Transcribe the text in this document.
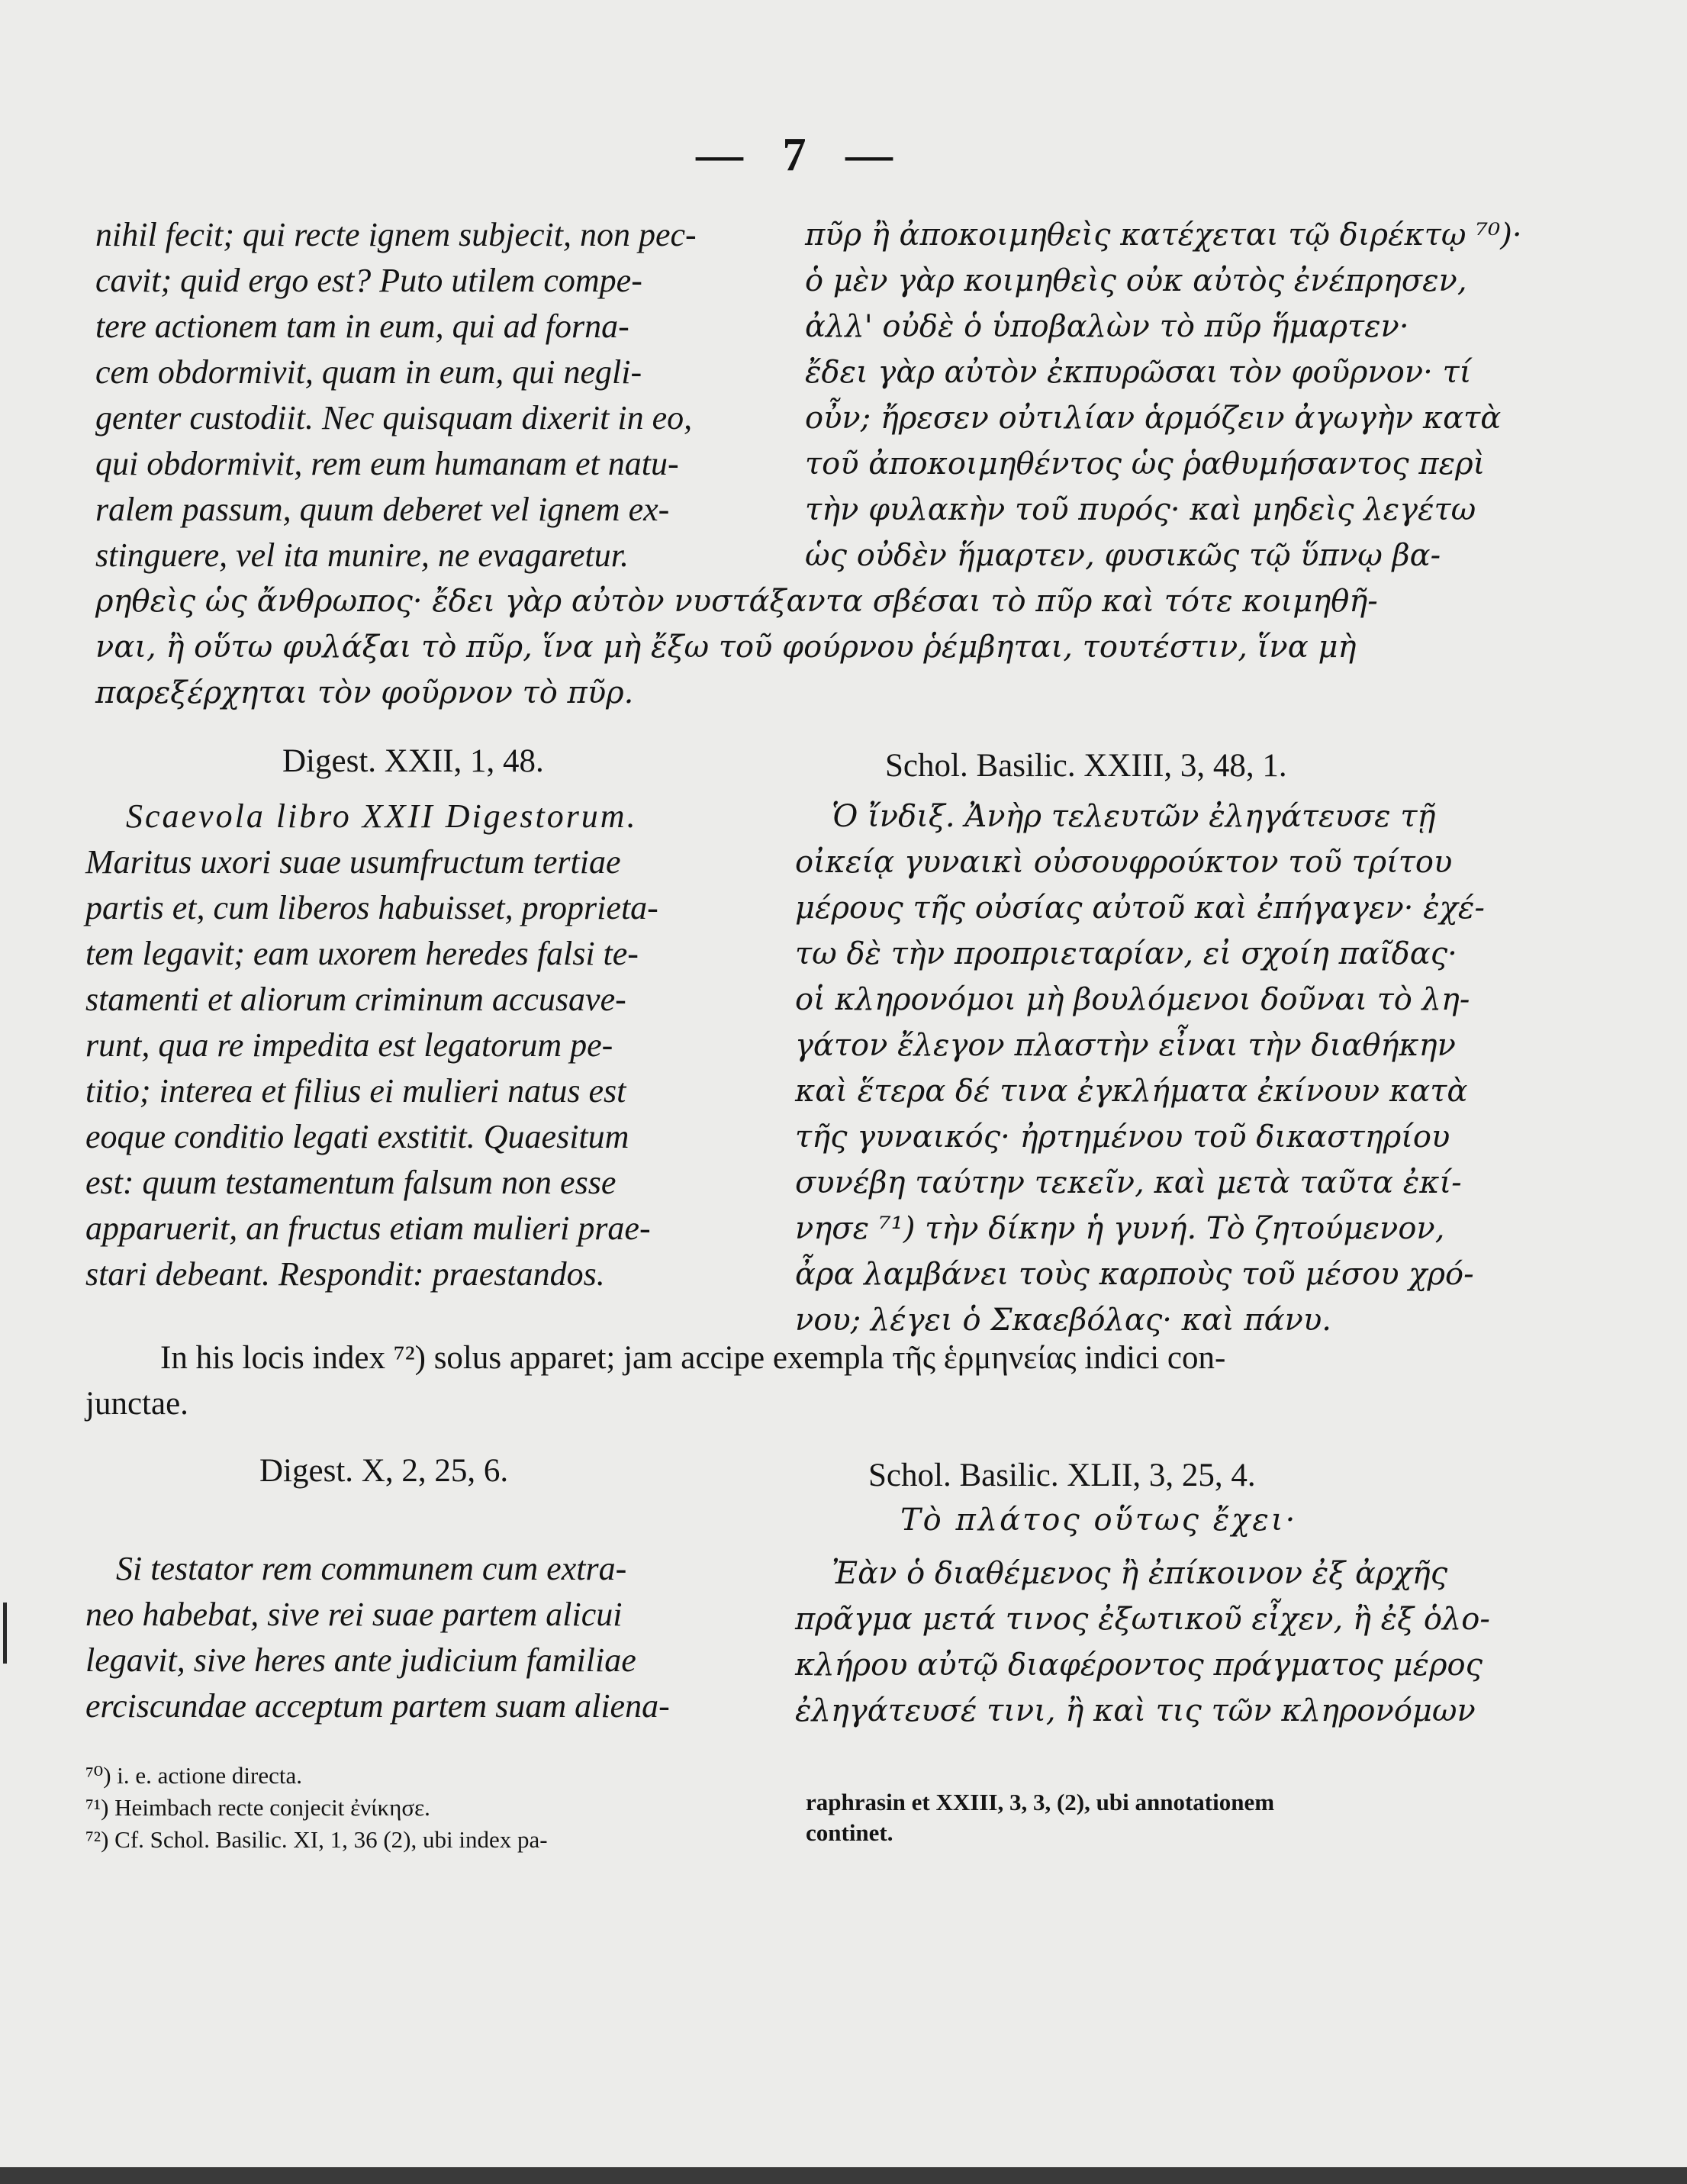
— 7 —
nihil fecit; qui recte ignem subjecit, non pec-
cavit; quid ergo est? Puto utilem compe-
tere actionem tam in eum, qui ad forna-
cem obdormivit, quam in eum, qui negli-
genter custodiit. Nec quisquam dixerit in eo,
qui obdormivit, rem eum humanam et natu-
ralem passum, quum deberet vel ignem ex-
stinguere, vel ita munire, ne evagaretur.
πῦρ ἢ ἀποκοιμηθεὶς κατέχεται τῷ διρέκτῳ ⁷⁰)·
ὁ μὲν γὰρ κοιμηθεὶς οὐκ αὐτὸς ἐνέπρησεν,
ἀλλ' οὐδὲ ὁ ὑποβαλὼν τὸ πῦρ ἥμαρτεν·
ἔδει γὰρ αὐτὸν ἐκπυρῶσαι τὸν φοῦρνον· τί
οὖν; ἤρεσεν οὐτιλίαν ἁρμόζειν ἀγωγὴν κατὰ
τοῦ ἀποκοιμηθέντος ὡς ῥαθυμήσαντος περὶ
τὴν φυλακὴν τοῦ πυρός· καὶ μηδεὶς λεγέτω
ὡς οὐδὲν ἥμαρτεν, φυσικῶς τῷ ὕπνῳ βα-
ρηθεὶς ὡς ἄνθρωπος· ἔδει γὰρ αὐτὸν νυστάξαντα σβέσαι τὸ πῦρ καὶ τότε κοιμηθῆ-
ναι, ἢ οὕτω φυλάξαι τὸ πῦρ, ἵνα μὴ ἔξω τοῦ φούρνου ῥέμβηται, τουτέστιν, ἵνα μὴ
παρεξέρχηται τὸν φοῦρνον τὸ πῦρ.
Digest. XXII, 1, 48.	Schol. Basilic. XXIII, 3, 48, 1.
Scaevola libro XXII Digestorum.
Maritus uxori suae usumfructum tertiae
partis et, cum liberos habuisset, proprieta-
tem legavit; eam uxorem heredes falsi te-
stamenti et aliorum criminum accusave-
runt, qua re impedita est legatorum pe-
titio; interea et filius ei mulieri natus est
eoque conditio legati exstitit. Quaesitum
est: quum testamentum falsum non esse
apparuerit, an fructus etiam mulieri prae-
stari debeant. Respondit: praestandos.
Ὁ ἴνδιξ. Ἀνὴρ τελευτῶν ἐληγάτευσε τῇ
οἰκείᾳ γυναικὶ οὐσουφρούκτον τοῦ τρίτου
μέρους τῆς οὐσίας αὐτοῦ καὶ ἐπήγαγεν· ἐχέ-
τω δὲ τὴν προπριεταρίαν, εἰ σχοίη παῖδας·
οἱ κληρονόμοι μὴ βουλόμενοι δοῦναι τὸ λη-
γάτον ἔλεγον πλαστὴν εἶναι τὴν διαθήκην
καὶ ἕτερα δέ τινα ἐγκλήματα ἐκίνουν κατὰ
τῆς γυναικός· ἠρτημένου τοῦ δικαστηρίου
συνέβη ταύτην τεκεῖν, καὶ μετὰ ταῦτα ἐκί-
νησε ⁷¹) τὴν δίκην ἡ γυνή. Τὸ ζητούμενον,
ἆρα λαμβάνει τοὺς καρποὺς τοῦ μέσου χρό-
νου; λέγει ὁ Σκαεβόλας· καὶ πάνυ.
In his locis index ⁷²) solus apparet; jam accipe exempla τῆς ἑρμηνείας indici con-
junctae.
Digest. X, 2, 25, 6.	Schol. Basilic. XLII, 3, 25, 4.
Τὸ πλάτος οὕτως ἔχει·
Si testator rem communem cum extra-
neo habebat, sive rei suae partem alicui
legavit, sive heres ante judicium familiae
erciscundae acceptum partem suam aliena-
Ἐὰν ὁ διαθέμενος ἢ ἐπίκοινον ἐξ ἀρχῆς
πρᾶγμα μετά τινος ἐξωτικοῦ εἶχεν, ἢ ἐξ ὁλο-
κλήρου αὐτῷ διαφέροντος πράγματος μέρος
ἐληγάτευσέ τινι, ἢ καὶ τις τῶν κληρονόμων
⁷⁰) i. e. actione directa.
⁷¹) Heimbach recte conjecit ἐνίκησε.
⁷²) Cf. Schol. Basilic. XI, 1, 36 (2), ubi index pa-
raphrasin et XXIII, 3, 3, (2), ubi annotationem
continet.
